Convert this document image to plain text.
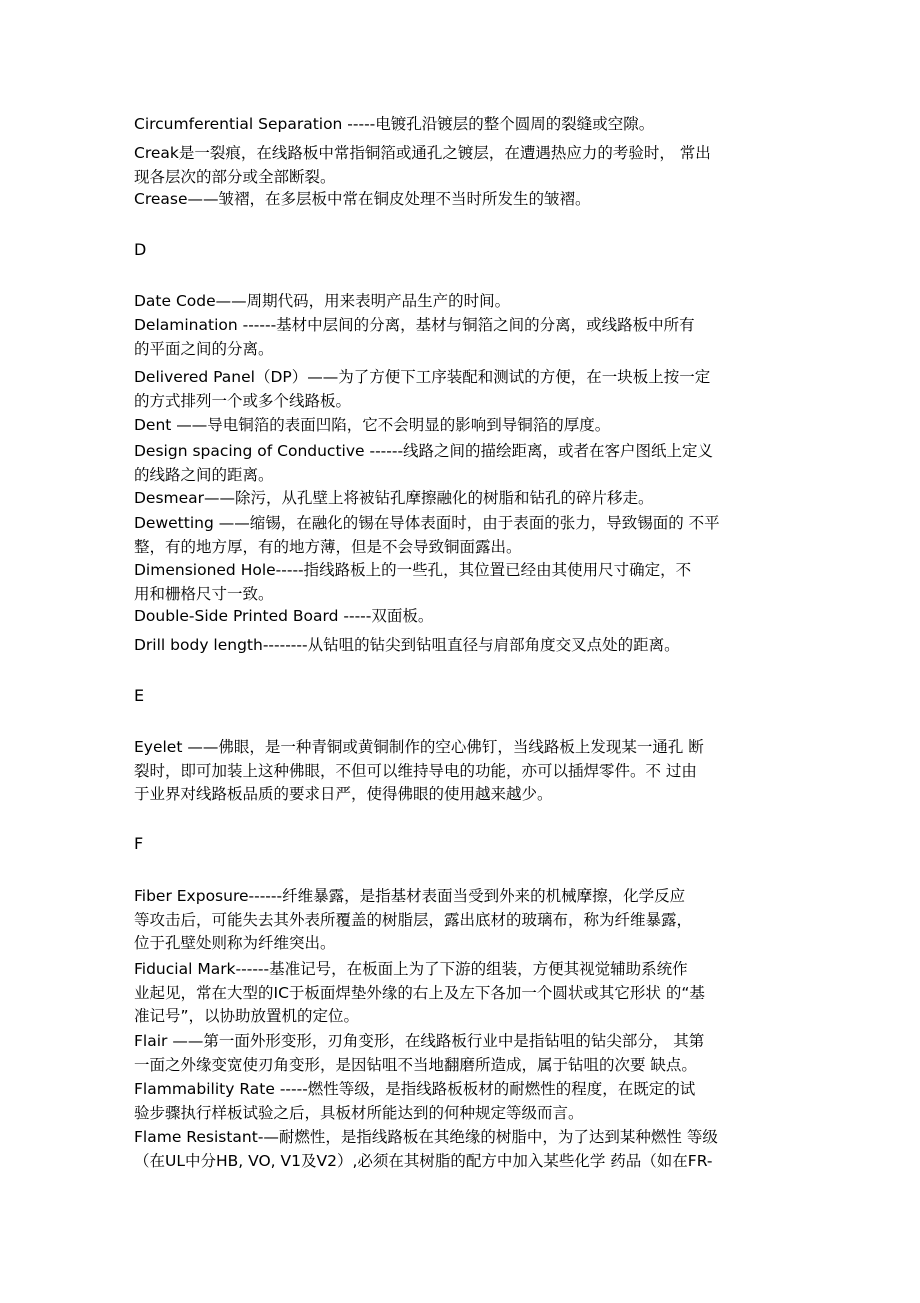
Circumferential Separation -----电镀孔沿镀层的整个圆周的裂缝或空隙。
Creak是一裂痕，在线路板中常指铜箔或通孔之镀层，在遭遇热应力的考验时， 常出
现各层次的部分或全部断裂。
Crease——皱褶，在多层板中常在铜皮处理不当时所发生的皱褶。
D
Date Code——周期代码，用来表明产品生产的时间。
Delamination ------基材中层间的分离，基材与铜箔之间的分离，或线路板中所有
的平面之间的分离。
Delivered Panel（DP）——为了方便下工序装配和测试的方便，在一块板上按一定
的方式排列一个或多个线路板。
Dent ——导电铜箔的表面凹陷，它不会明显的影响到导铜箔的厚度。
Design spacing of Conductive ------线路之间的描绘距离，或者在客户图纸上定义
的线路之间的距离。
Desmear——除污，从孔壁上将被钻孔摩擦融化的树脂和钻孔的碎片移走。
Dewetting ——缩锡，在融化的锡在导体表面时，由于表面的张力，导致锡面的 不平
整，有的地方厚，有的地方薄，但是不会导致铜面露出。
Dimensioned Hole-----指线路板上的一些孔，其位置已经由其使用尺寸确定，不
用和栅格尺寸一致。
Double-Side Printed Board -----双面板。
Drill body length--------从钻咀的钻尖到钻咀直径与肩部角度交叉点处的距离。
E
Eyelet ——佛眼，是一种青铜或黄铜制作的空心佛钉，当线路板上发现某一通孔 断
裂时，即可加装上这种佛眼，不但可以维持导电的功能，亦可以插焊零件。不 过由
于业界对线路板品质的要求日严，使得佛眼的使用越来越少。
F
Fiber Exposure------纤维暴露，是指基材表面当受到外来的机械摩擦，化学反应
等攻击后，可能失去其外表所覆盖的树脂层，露出底材的玻璃布，称为纤维暴露，
位于孔壁处则称为纤维突出。
Fiducial Mark------基准记号，在板面上为了下游的组装，方便其视觉辅助系统作
业起见，常在大型的IC于板面焊垫外缘的右上及左下各加一个圆状或其它形状 的“基
准记号”，以协助放置机的定位。
Flair ——第一面外形变形，刃角变形，在线路板行业中是指钻咀的钻尖部分， 其第
一面之外缘变宽使刃角变形，是因钻咀不当地翻磨所造成，属于钻咀的次要 缺点。
Flammability Rate -----燃性等级，是指线路板板材的耐燃性的程度，在既定的试
验步骤执行样板试验之后，具板材所能达到的何种规定等级而言。
Flame Resistant-—耐燃性，是指线路板在其绝缘的树脂中，为了达到某种燃性 等级
（在UL中分HB, VO, V1及V2）,必须在其树脂的配方中加入某些化学 药品（如在FR-
